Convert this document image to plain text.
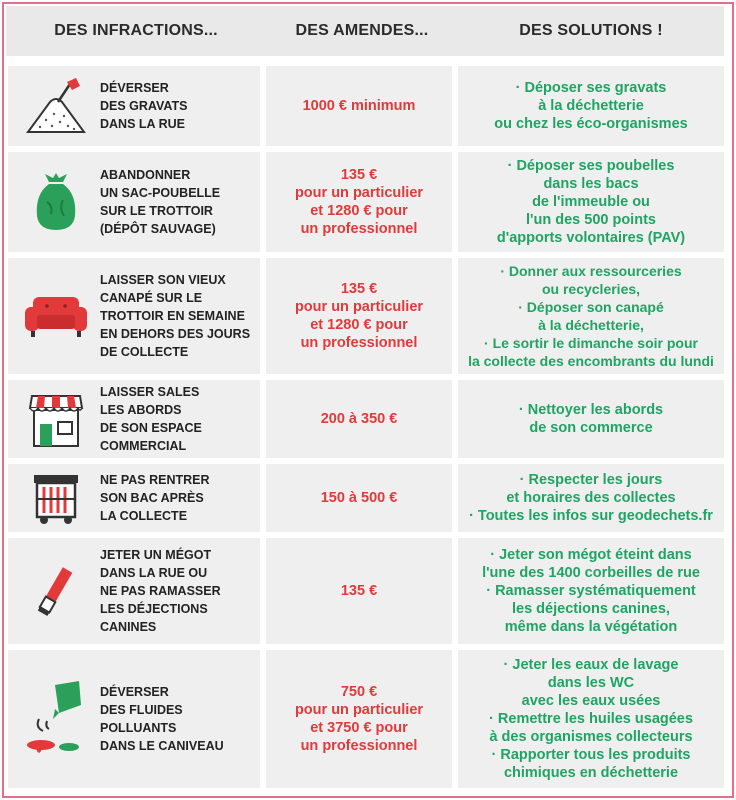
DES INFRACTIONS...	DES AMENDES...	DES SOLUTIONS !
DÉVERSER
DES GRAVATS
DANS LA RUE
1000 € minimum
· Déposer ses gravats
à la déchetterie
ou chez les éco-organismes
ABANDONNER
UN SAC-POUBELLE
SUR LE TROTTOIR
(DÉPÔT SAUVAGE)
135 €
pour un particulier
et 1280 € pour
un professionnel
· Déposer ses poubelles
dans les bacs
de l'immeuble ou
l'un des 500 points
d'apports volontaires (PAV)
LAISSER SON VIEUX
CANAPÉ SUR LE
TROTTOIR EN SEMAINE
EN DEHORS DES JOURS
DE COLLECTE
135 €
pour un particulier
et 1280 € pour
un professionnel
· Donner aux ressourceries
ou recycleries,
· Déposer son canapé
à la déchetterie,
· Le sortir le dimanche soir pour
la collecte des encombrants du lundi
LAISSER SALES
LES ABORDS
DE SON ESPACE
COMMERCIAL
200 à 350 €
· Nettoyer les abords
de son commerce
NE PAS RENTRER
SON BAC APRÈS
LA COLLECTE
150 à 500 €
· Respecter les jours
et horaires des collectes
· Toutes les infos sur geodechets.fr
JETER UN MÉGOT
DANS LA RUE OU
NE PAS RAMASSER
LES DÉJECTIONS
CANINES
135 €
· Jeter son mégot éteint dans
l'une des 1400 corbeilles de rue
· Ramasser systématiquement
les déjections canines,
même dans la végétation
DÉVERSER
DES FLUIDES
POLLUANTS
DANS LE CANIVEAU
750 €
pour un particulier
et 3750 € pour
un professionnel
· Jeter les eaux de lavage
dans les WC
avec les eaux usées
· Remettre les huiles usagées
à des organismes collecteurs
· Rapporter tous les produits
chimiques en déchetterie
